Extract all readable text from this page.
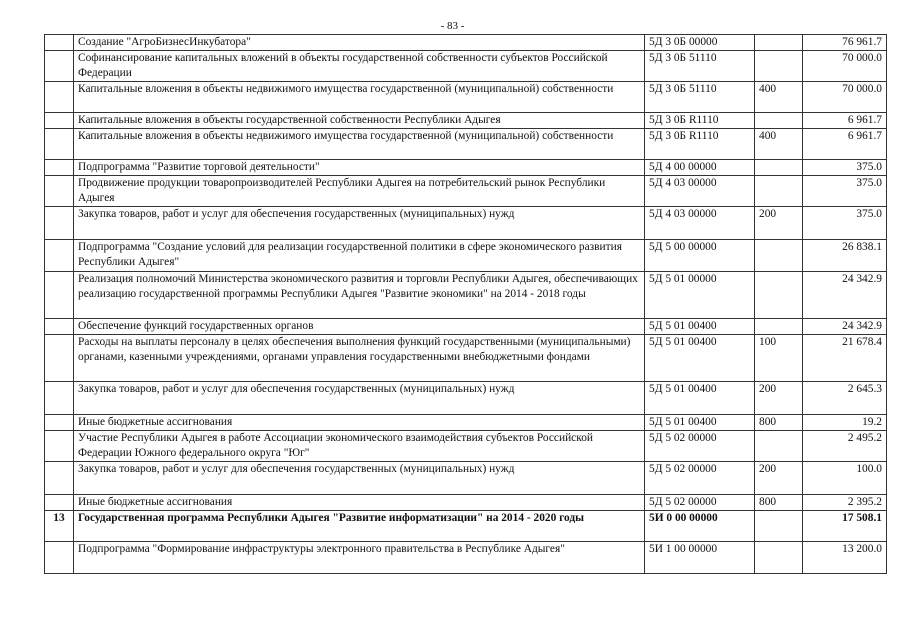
- 83 -
	Создание "АгроБизнесИнкубатора"	5Д 3 0Б 00000		76 961.7
	Софинансирование капитальных вложений в объекты государственной собственности субъектов Российской Федерации	5Д 3 0Б 51110		70 000.0
	Капитальные вложения в объекты недвижимого имущества государственной (муниципальной) собственности	5Д 3 0Б 51110	400	70 000.0
	Капитальные вложения в объекты государственной собственности Республики Адыгея	5Д 3 0Б R1110		6 961.7
	Капитальные вложения в объекты недвижимого имущества государственной (муниципальной) собственности	5Д 3 0Б R1110	400	6 961.7
	Подпрограмма "Развитие торговой деятельности"	5Д 4 00 00000		375.0
	Продвижение продукции товаропроизводителей Республики Адыгея на потребительский рынок Республики Адыгея	5Д 4 03 00000		375.0
	Закупка товаров, работ и услуг для обеспечения государственных (муниципальных) нужд	5Д 4 03 00000	200	375.0
	Подпрограмма "Создание условий для реализации государственной политики в сфере экономического развития Республики Адыгея"	5Д 5 00 00000		26 838.1
	Реализация полномочий Министерства экономического развития и торговли Республики Адыгея, обеспечивающих реализацию государственной программы Республики Адыгея "Развитие экономики" на 2014 - 2018 годы	5Д 5 01 00000		24 342.9
	Обеспечение функций государственных органов	5Д 5 01 00400		24 342.9
	Расходы на выплаты персоналу в целях обеспечения выполнения функций государственными (муниципальными) органами, казенными учреждениями, органами управления государственными внебюджетными фондами	5Д 5 01 00400	100	21 678.4
	Закупка товаров, работ и услуг для обеспечения государственных (муниципальных) нужд	5Д 5 01 00400	200	2 645.3
	Иные бюджетные ассигнования	5Д 5 01 00400	800	19.2
	Участие Республики Адыгея в работе Ассоциации экономического взаимодействия субъектов Российской Федерации Южного федерального округа "Юг"	5Д 5 02 00000		2 495.2
	Закупка товаров, работ и услуг для обеспечения государственных (муниципальных) нужд	5Д 5 02 00000	200	100.0
	Иные бюджетные ассигнования	5Д 5 02 00000	800	2 395.2
13	Государственная программа Республики Адыгея "Развитие информатизации" на 2014 - 2020 годы	5И 0 00 00000		17 508.1
	Подпрограмма "Формирование инфраструктуры электронного правительства в Республике Адыгея"	5И 1 00 00000		13 200.0
